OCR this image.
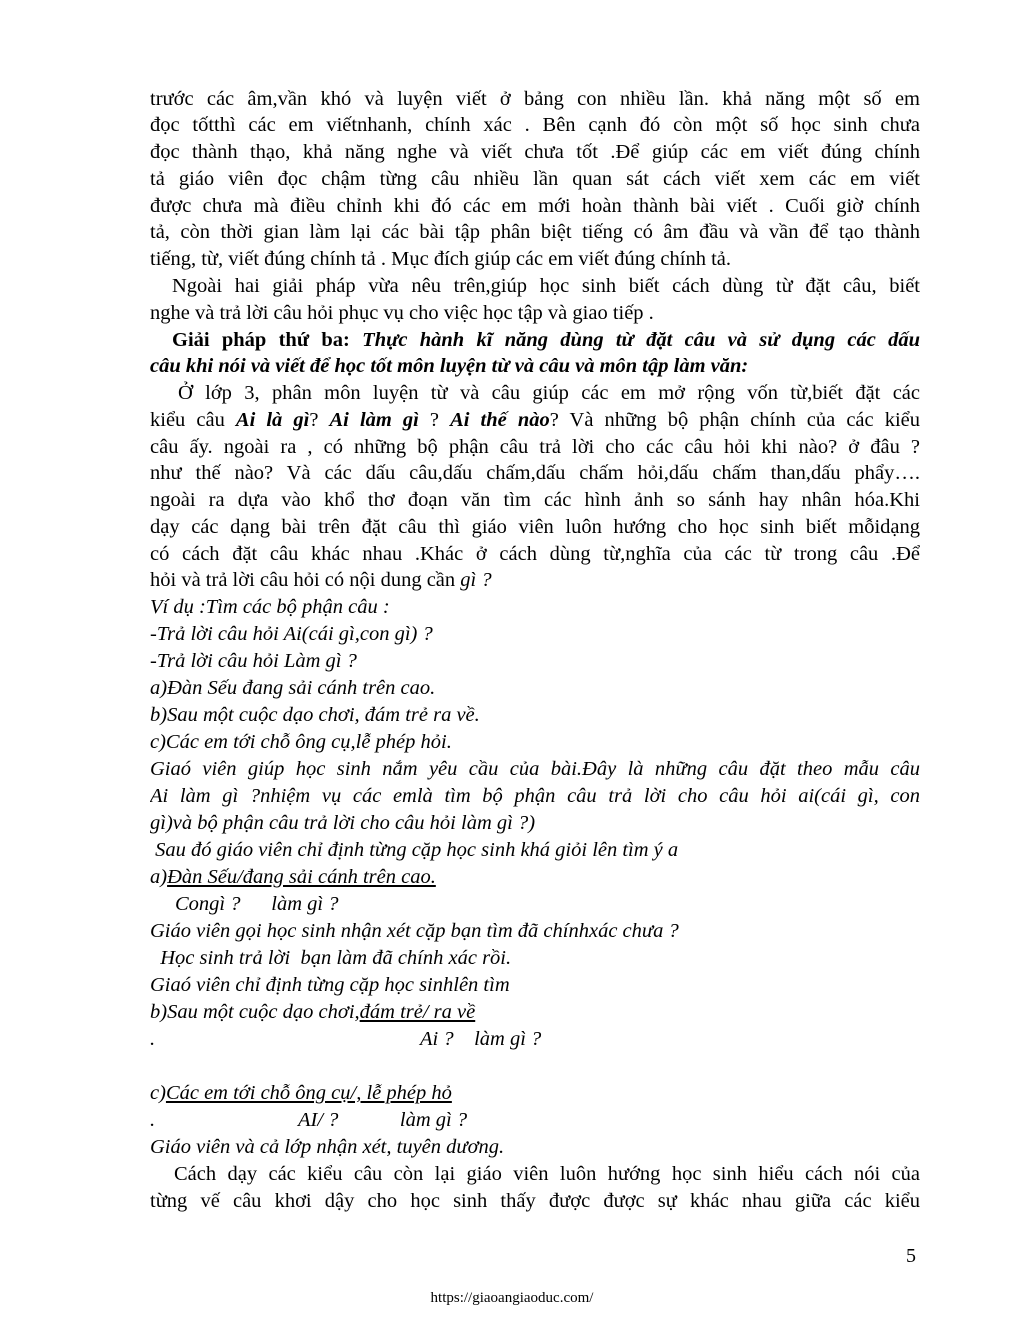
trước các âm,vần khó và luyện viết ở bảng con nhiều lần. khả năng một số em
đọc tốtthì các em viếtnhanh, chính xác . Bên cạnh đó còn một số học sinh chưa
đọc thành thạo, khả năng nghe và viết chưa tốt .Để giúp các em viết đúng chính
tả giáo viên đọc chậm từng câu nhiều lần quan sát cách viết xem các em viết
được chưa mà điều chỉnh khi đó các em mới hoàn thành bài viết . Cuối giờ chính
tả, còn thời gian làm lại các bài tập phân biệt tiếng có âm đầu và vần để tạo thành
tiếng, từ, viết đúng chính tả . Mục đích giúp các em viết đúng chính tả.
Ngoài hai giải pháp vừa nêu trên,giúp học sinh biết cách dùng từ đặt câu, biết
nghe và trả lời câu hỏi phục vụ cho việc học tập và giao tiếp .
Giải pháp thứ ba: Thực hành kĩ năng dùng từ đặt câu và sử dụng các dấu
câu khi nói và viết để học tốt môn luyện từ và câu và môn tập làm văn:
Ở lớp 3, phân môn luyện từ và câu giúp các em mở rộng vốn từ,biết đặt các
kiểu câu Ai là gì? Ai làm gì ? Ai thế nào? Và những bộ phận chính của các kiểu
câu ấy. ngoài ra , có những bộ phận câu trả lời cho các câu hỏi khi nào? ở đâu ?
như thế nào? Và các dấu câu,dấu chấm,dấu chấm hỏi,dấu chấm than,dấu phẩy….
ngoài ra dựa vào khổ thơ đoạn văn tìm các hình ảnh so sánh hay nhân hóa.Khi
dạy các dạng bài trên đặt câu thì giáo viên luôn hướng cho học sinh biết mỗidạng
có cách đặt câu khác nhau .Khác ở cách dùng từ,nghĩa của các từ trong câu .Để
hỏi và trả lời câu hỏi có nội dung cần gì ?
Ví dụ :Tìm các bộ phận câu :
-Trả lời câu hỏi Ai(cái gì,con gì) ?
-Trả lời câu hỏi Làm gì ?
a)Đàn Sếu đang sải cánh trên cao.
b)Sau một cuộc dạo chơi, đám trẻ ra về.
c)Các em tới chỗ ông cụ,lễ phép hỏi.
Giaó viên giúp học sinh nắm yêu cầu của bài.Đây là những câu đặt theo mẫu câu
Ai làm gì ?nhiệm vụ các emlà tìm bộ phận câu trả lời cho câu hỏi ai(cái gì, con
gì)và bộ phận câu trả lời cho câu hỏi làm gì ?)
Sau đó giáo viên chỉ định từng cặp học sinh khá giỏi lên tìm ý a
a)Đàn Sếu/đang sải cánh trên cao.
Congì ?      làm gì ?
Giáo viên gọi học sinh nhận xét cặp bạn tìm đã chínhxác chưa ?
Học sinh trả lời  bạn làm đã chính xác rồi.
Giaó viên chỉ định từng cặp học sinhlên tìm
b)Sau một cuộc dạo chơi,đám trẻ/ ra về
.	Ai ?    làm gì ?
c)Các em tới chỗ ông cụ/, lễ phép hỏ
.	AI/ ?            làm gì ?
Giáo viên và cả lớp nhận xét, tuyên dương.
Cách dạy các kiểu câu còn lại giáo viên luôn hướng học sinh hiểu cách nói của
từng vế câu khơi dậy cho học sinh thấy được được sự khác nhau giữa các kiểu
5
https://giaoangiaoduc.com/
